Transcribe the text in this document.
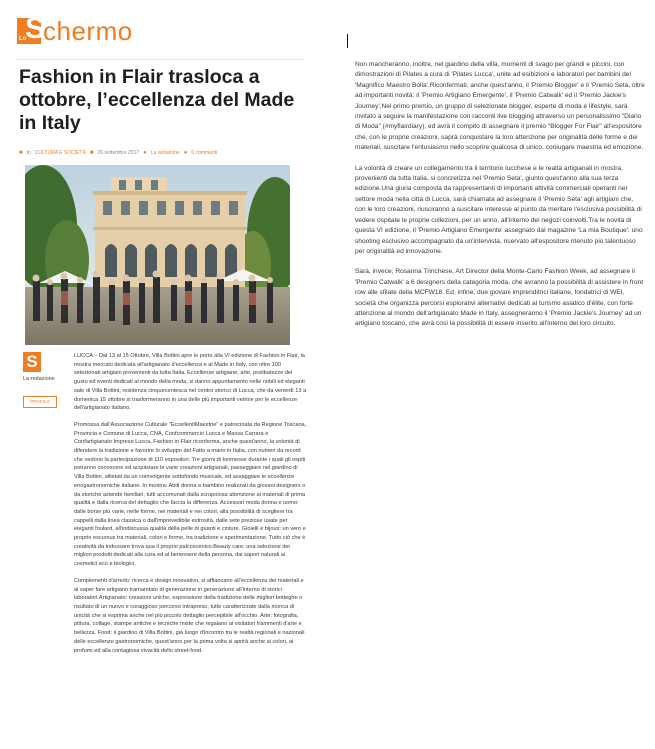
Lo
S
chermo
Fashion in Flair trasloca a ottobre, l’eccellenza del Made in Italy
■ In CULTURA E SOCIETÀ ■ 26 settembre 2017 ● La redazione ● 0 commenti
S
La redazione
PROFILO

LUCCA – Dal 13 al 15 Ottobre, Villa Bottini apre le porte alla VI edizione di Fashion in Flair, la mostra mercato dedicata all'artigianato d'eccellenza e al Made in Italy, con oltre 100 selezionati artigiani provenienti da tutta Italia. Eccellenze artigiane, arte, prelibatezze del gusto ed eventi dedicati al mondo della moda, si danno appuntamento nelle nobili ed eleganti sale di Villa Bottini, residenza cinquecentesca nel centro storico di Lucca, che da venerdì 13 a domenica 15 ottobre si trasformeranno in una delle più importanti vetrine per le eccellenze dell'artigianato italiano.

Promossa dall'Associazione Culturale "EccellentiMaestrie" e patrocinata da Regione Toscana, Provincia e Comune di Lucca, CNA, Confcommercio Lucca e Massa Carrara e Confartigianato Imprese Lucca, Fashion in Flair riconferma, anche quest'anno, la volontà di difendere la tradizione e favorire lo sviluppo del Fatto a mano in Italia, con numeri da record che vedono la partecipazione di 110 espositori. Tre giorni di kermesse durante i quali gli ospiti potranno conoscere ed acquistare le varie creazioni artigianali, passeggiare nel giardino di Villa Bottini, allietati da un coinvolgente sottofondo musicale, ed assaggiare le eccellenze enogastronomiche italiane. In mostra: Abiti donna e bambino realizzati da giovani designers o da storiche aziende familiari, tutti accomunati dalla scrupolosa attenzione ai materiali di prima qualità e dalla ricerca del dettaglio che faccia la differenza. Accessori moda donna e uomo: dalle borse più varie, nelle forme, nei materiali e nei colori, alla possibilità di scegliere tra cappelli dalla linea classica o dall'imprevedibile estrosità, dalle sete preziose usate per eleganti foulard, all'indiscussa qualità della pelle di guanti e cinture. Gioielli e bijoux: un vero e proprio excursus tra materiali, colori e forme, tra tradizione e sperimentazione. Tutto ciò che è creatività da indossare trova qua il proprio palcoscenico.Beauty care: una selezione dei migliori prodotti dedicati alla cura ed al benessere della persona, dai sapori naturali ai cosmetici eco e biologici.

Complementi d'arredo: ricerca e design innovativo, si affiancano all'eccellenza dei materiali e al saper fare artigiano tramandato di generazione in generazione all'interno di storici laboratori.Artigianato: creazioni uniche, espressione della tradizione delle migliori botteghe o risultato di un nuovo e coraggioso percorso intrapreso, tutte caratterizzate dalla ricerca di unicità che si esprima anche nel più piccolo dettaglio percepibile all'occhio. Arte: fotografia, pittura, collage, stampe antiche e tecniche miste che regalano ai visitatori frammenti d'arte e bellezza. Food: il giardino di Villa Bottini, già luogo d'incontro tra le realtà regionali e nazionali delle eccellenze gastronomiche, quest'anno per la prima volta si aprirà anche ai colori, ai profumi ed alla contagiosa vivacità dello street-food.

Non mancheranno, inoltre, nel giardino della villa, momenti di svago per grandi e piccini, con dimostrazioni di Pilates a cura di 'Pilates Lucca', unite ad esibizioni e laboratori per bambini del 'Magnifico Maestro Bolla'.Riconfermati, anche quest'anno, il 'Premio Blogger' e il 'Premio Seta, oltre ad importanti novità: il 'Premio Artigiano Emergente', il 'Premio Catwalk' ed il 'Premio Jackie's Journey'.Nel primo premio, un gruppo di selezionate blogger, esperte di moda e lifestyle, sarà invitato a seguire la manifestazione con racconti live blogging attraverso un personalissimo "Diario di Moda" (#myflairdiary), ed avrà il compito di assegnare il premio "Blogger For Flair" all'espositore che, con le proprie creazioni, saprà conquistare la loro attenzione per originalità delle forme e dei materiali, suscitare l'entusiasmo nello scoprire qualcosa di unico, coniugare maestria ed emozione.

La volontà di creare un collegamento tra il territorio lucchese e le realtà artigianali in mostra, provenienti da tutta Italia, si concretizza nel 'Premio Seta', giunto quest'anno alla sua terza edizione.Una giuria composta da rappresentanti di importanti attività commerciali operanti nel settore moda nella città di Lucca, sarà chiamata ad assegnare il 'Premio Seta' agli artigiani che, con le loro creazioni, riusciranno a suscitare interesse al punto da meritare l'esclusiva possibilità di vedere ospitate le proprie collezioni, per un anno, all'interno dei negozi coinvolti.Tra le novità di questa VI edizione, il 'Premio Artigiano Emergente' assegnato dal magazine 'La mia Boutique': uno shooting esclusivo accompagnato da un'intervista, riservato all'espositore ritenuto più talentuoso per originalità ed innovazione.

Sarà, invece, Rosanna Trinchese, Art Director della Monte-Carlo Fashion Week, ad assegnare il 'Premio Catwalk' a 6 designers della categoria moda, che avranno la possibilità di assistere in front row alle sfilate della MCFW18. Ed, infine, due giovani imprenditrici italiane, fondatrici di WEI, società che organizza percorsi esplorativi alternativi dedicati al turismo asiatico d'élite, con forte attenzione al mondo dell'artigianato Made in Italy, assegneranno il 'Premio Jackie's Journey' ad un artigiano toscano, che avrà così la possibilità di essere inserito all'interno del loro circuito.
